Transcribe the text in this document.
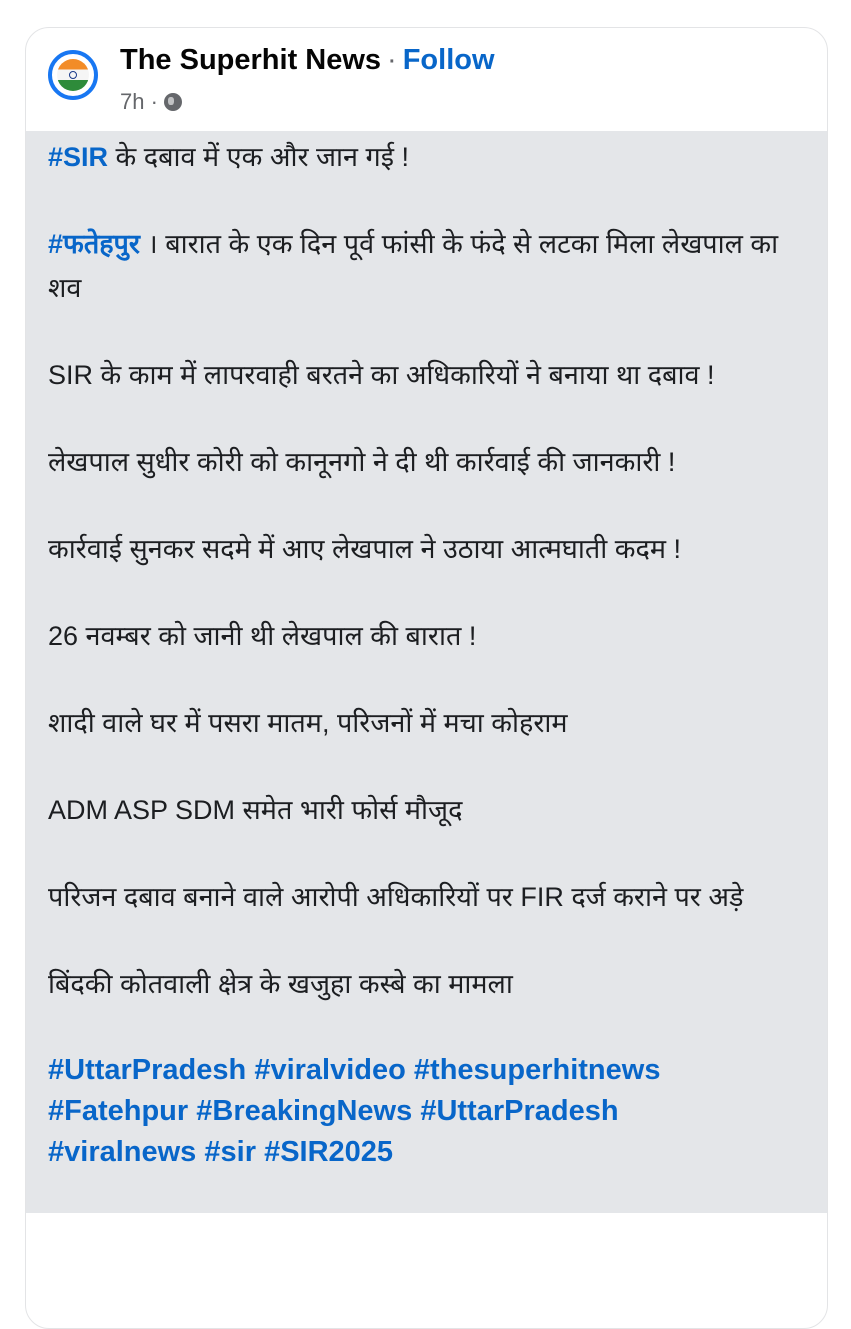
The Superhit News · Follow
7h ·

#SIR के दबाव में एक और जान गई !

#फतेहपुर । बारात के एक दिन पूर्व फांसी के फंदे से लटका मिला लेखपाल का शव

SIR के काम में लापरवाही बरतने का अधिकारियों ने बनाया था दबाव !

लेखपाल सुधीर कोरी को कानूनगो ने दी थी कार्रवाई की जानकारी !

कार्रवाई सुनकर सदमे में आए लेखपाल ने उठाया आत्मघाती कदम !

26 नवम्बर को जानी थी लेखपाल की बारात !

शादी वाले घर में पसरा मातम, परिजनों में मचा कोहराम

ADM ASP SDM समेत भारी फोर्स मौजूद

परिजन दबाव बनाने वाले आरोपी अधिकारियों पर FIR दर्ज कराने पर अड़े

बिंदकी कोतवाली क्षेत्र के खजुहा कस्बे का मामला

#UttarPradesh #viralvideo #thesuperhitnews
#Fatehpur #BreakingNews #UttarPradesh
#viralnews #sir #SIR2025
